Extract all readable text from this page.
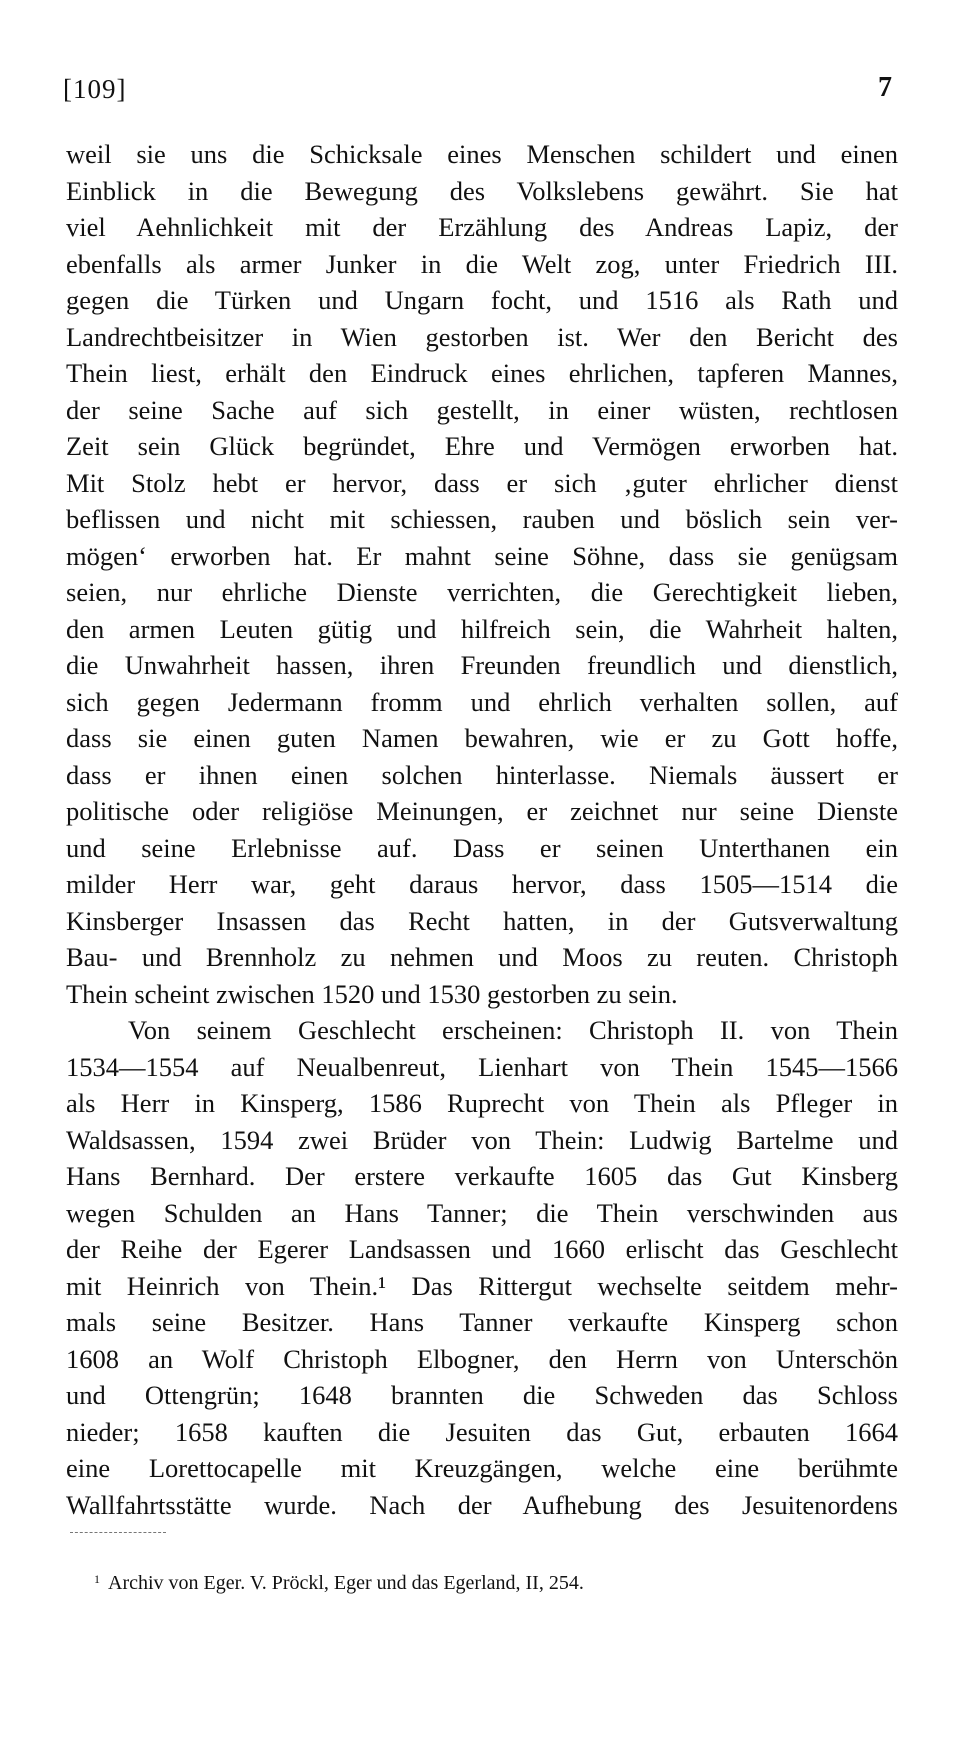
[109]	7
weil sie uns die Schicksale eines Menschen schildert und einen
Einblick in die Bewegung des Volkslebens gewährt. Sie hat
viel Aehnlichkeit mit der Erzählung des Andreas Lapiz, der
ebenfalls als armer Junker in die Welt zog, unter Friedrich III.
gegen die Türken und Ungarn focht, und 1516 als Rath und
Landrechtbeisitzer in Wien gestorben ist. Wer den Bericht des
Thein liest, erhält den Eindruck eines ehrlichen, tapferen Mannes,
der seine Sache auf sich gestellt, in einer wüsten, rechtlosen
Zeit sein Glück begründet, Ehre und Vermögen erworben hat.
Mit Stolz hebt er hervor, dass er sich ‚guter ehrlicher dienst
beflissen und nicht mit schiessen, rauben und böslich sein ver-
mögen‘ erworben hat. Er mahnt seine Söhne, dass sie genügsam
seien, nur ehrliche Dienste verrichten, die Gerechtigkeit lieben,
den armen Leuten gütig und hilfreich sein, die Wahrheit halten,
die Unwahrheit hassen, ihren Freunden freundlich und dienstlich,
sich gegen Jedermann fromm und ehrlich verhalten sollen, auf
dass sie einen guten Namen bewahren, wie er zu Gott hoffe,
dass er ihnen einen solchen hinterlasse. Niemals äussert er
politische oder religiöse Meinungen, er zeichnet nur seine Dienste
und seine Erlebnisse auf. Dass er seinen Unterthanen ein
milder Herr war, geht daraus hervor, dass 1505—1514 die
Kinsberger Insassen das Recht hatten, in der Gutsverwaltung
Bau- und Brennholz zu nehmen und Moos zu reuten. Christoph
Thein scheint zwischen 1520 und 1530 gestorben zu sein.
Von seinem Geschlecht erscheinen: Christoph II. von Thein
1534—1554 auf Neualbenreut, Lienhart von Thein 1545—1566
als Herr in Kinsperg, 1586 Ruprecht von Thein als Pfleger in
Waldsassen, 1594 zwei Brüder von Thein: Ludwig Bartelme und
Hans Bernhard. Der erstere verkaufte 1605 das Gut Kinsberg
wegen Schulden an Hans Tanner; die Thein verschwinden aus
der Reihe der Egerer Landsassen und 1660 erlischt das Geschlecht
mit Heinrich von Thein.¹ Das Rittergut wechselte seitdem mehr-
mals seine Besitzer. Hans Tanner verkaufte Kinsperg schon
1608 an Wolf Christoph Elbogner, den Herrn von Unterschön
und Ottengrün; 1648 brannten die Schweden das Schloss
nieder; 1658 kauften die Jesuiten das Gut, erbauten 1664
eine Lorettocapelle mit Kreuzgängen, welche eine berühmte
Wallfahrtsstätte wurde. Nach der Aufhebung des Jesuitenordens
$^1$ Archiv von Eger. V. Pröckl, Eger und das Egerland, II, 254.
